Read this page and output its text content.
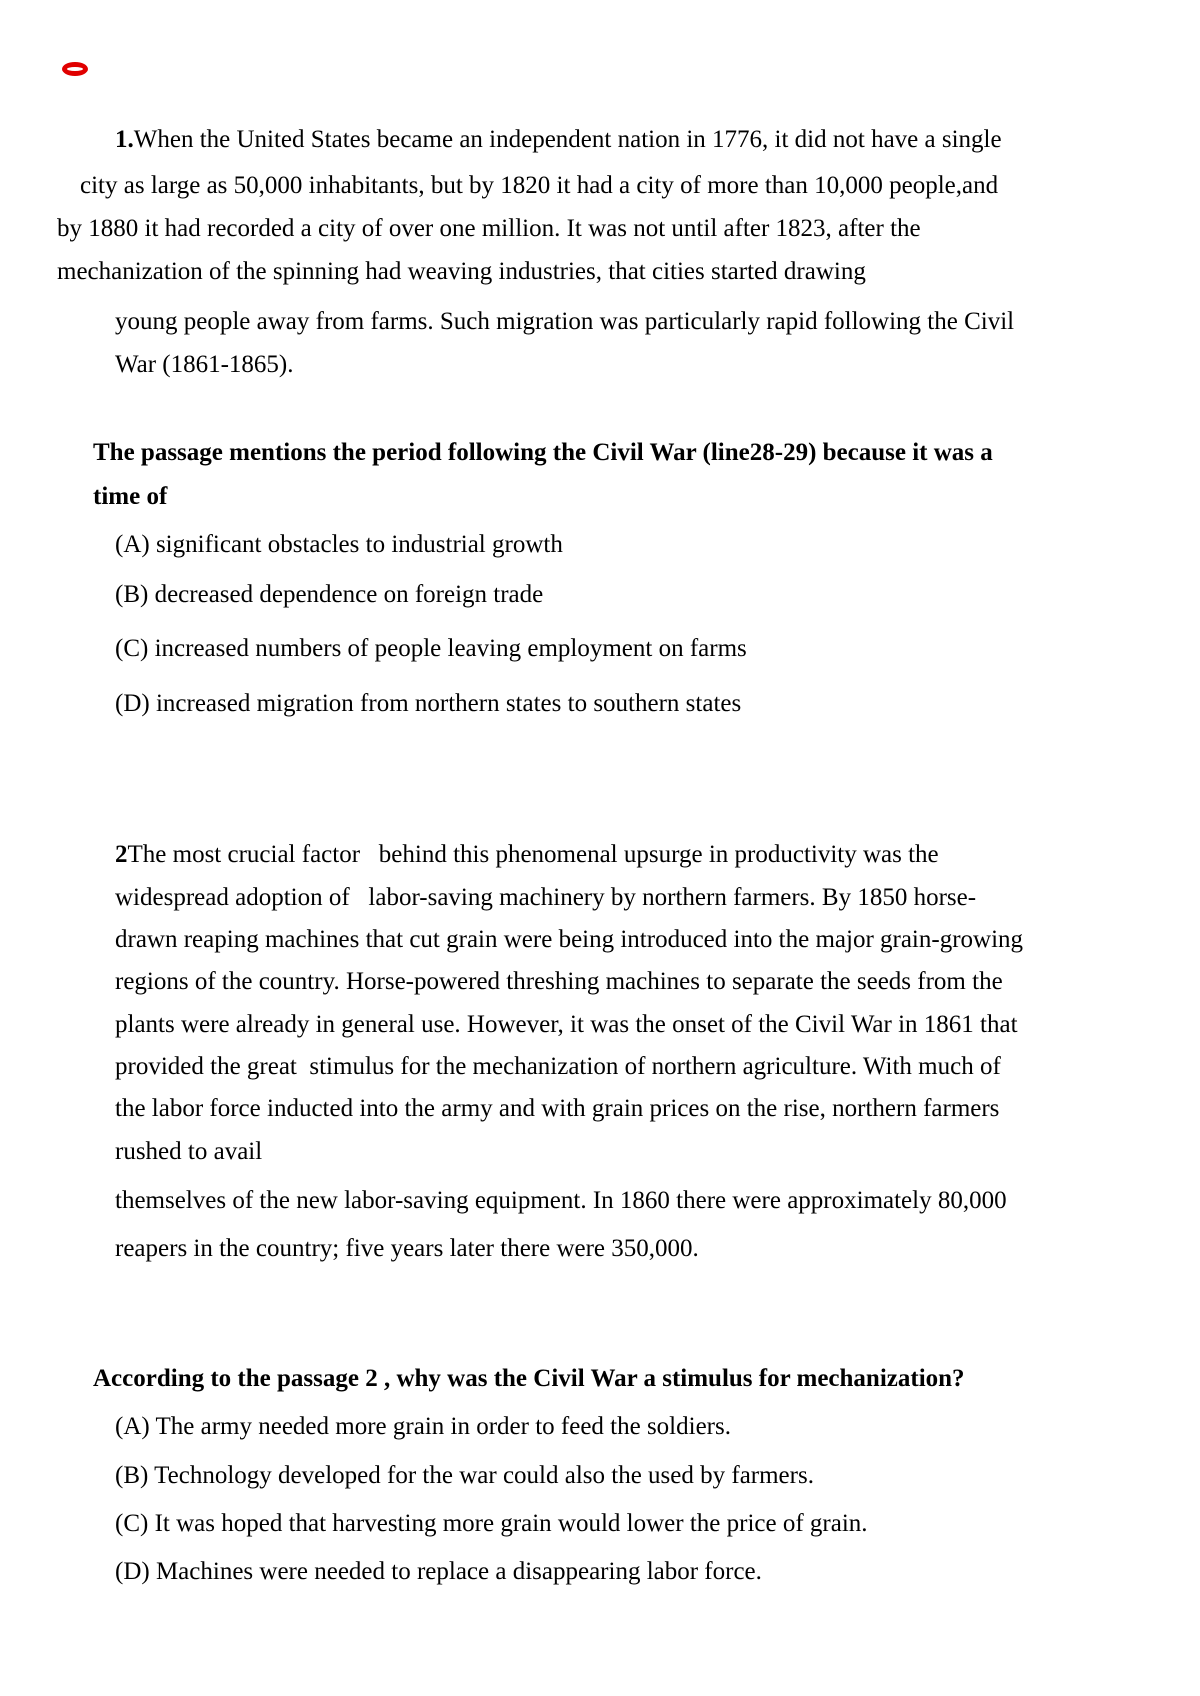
1.When the United States became an independent nation in 1776, it did not have a single
city as large as 50,000 inhabitants, but by 1820 it had a city of more than 10,000 people,and
by 1880 it had recorded a city of over one million. It was not until after 1823, after the
mechanization of the spinning had weaving industries, that cities started drawing
young people away from farms. Such migration was particularly rapid following the Civil
War (1861-1865).
The passage mentions the period following the Civil War (line28-29) because it was a
time of
(A) significant obstacles to industrial growth
(B) decreased dependence on foreign trade
(C) increased numbers of people leaving employment on farms
(D) increased migration from northern states to southern states
2The most crucial factor   behind this phenomenal upsurge in productivity was the
widespread adoption of   labor-saving machinery by northern farmers. By 1850 horse-
drawn reaping machines that cut grain were being introduced into the major grain-growing
regions of the country. Horse-powered threshing machines to separate the seeds from the
plants were already in general use. However, it was the onset of the Civil War in 1861 that
provided the great  stimulus for the mechanization of northern agriculture. With much of
the labor force inducted into the army and with grain prices on the rise, northern farmers
rushed to avail
themselves of the new labor-saving equipment. In 1860 there were approximately 80,000
reapers in the country; five years later there were 350,000.
According to the passage 2 , why was the Civil War a stimulus for mechanization?
(A) The army needed more grain in order to feed the soldiers.
(B) Technology developed for the war could also the used by farmers.
(C) It was hoped that harvesting more grain would lower the price of grain.
(D) Machines were needed to replace a disappearing labor force.
